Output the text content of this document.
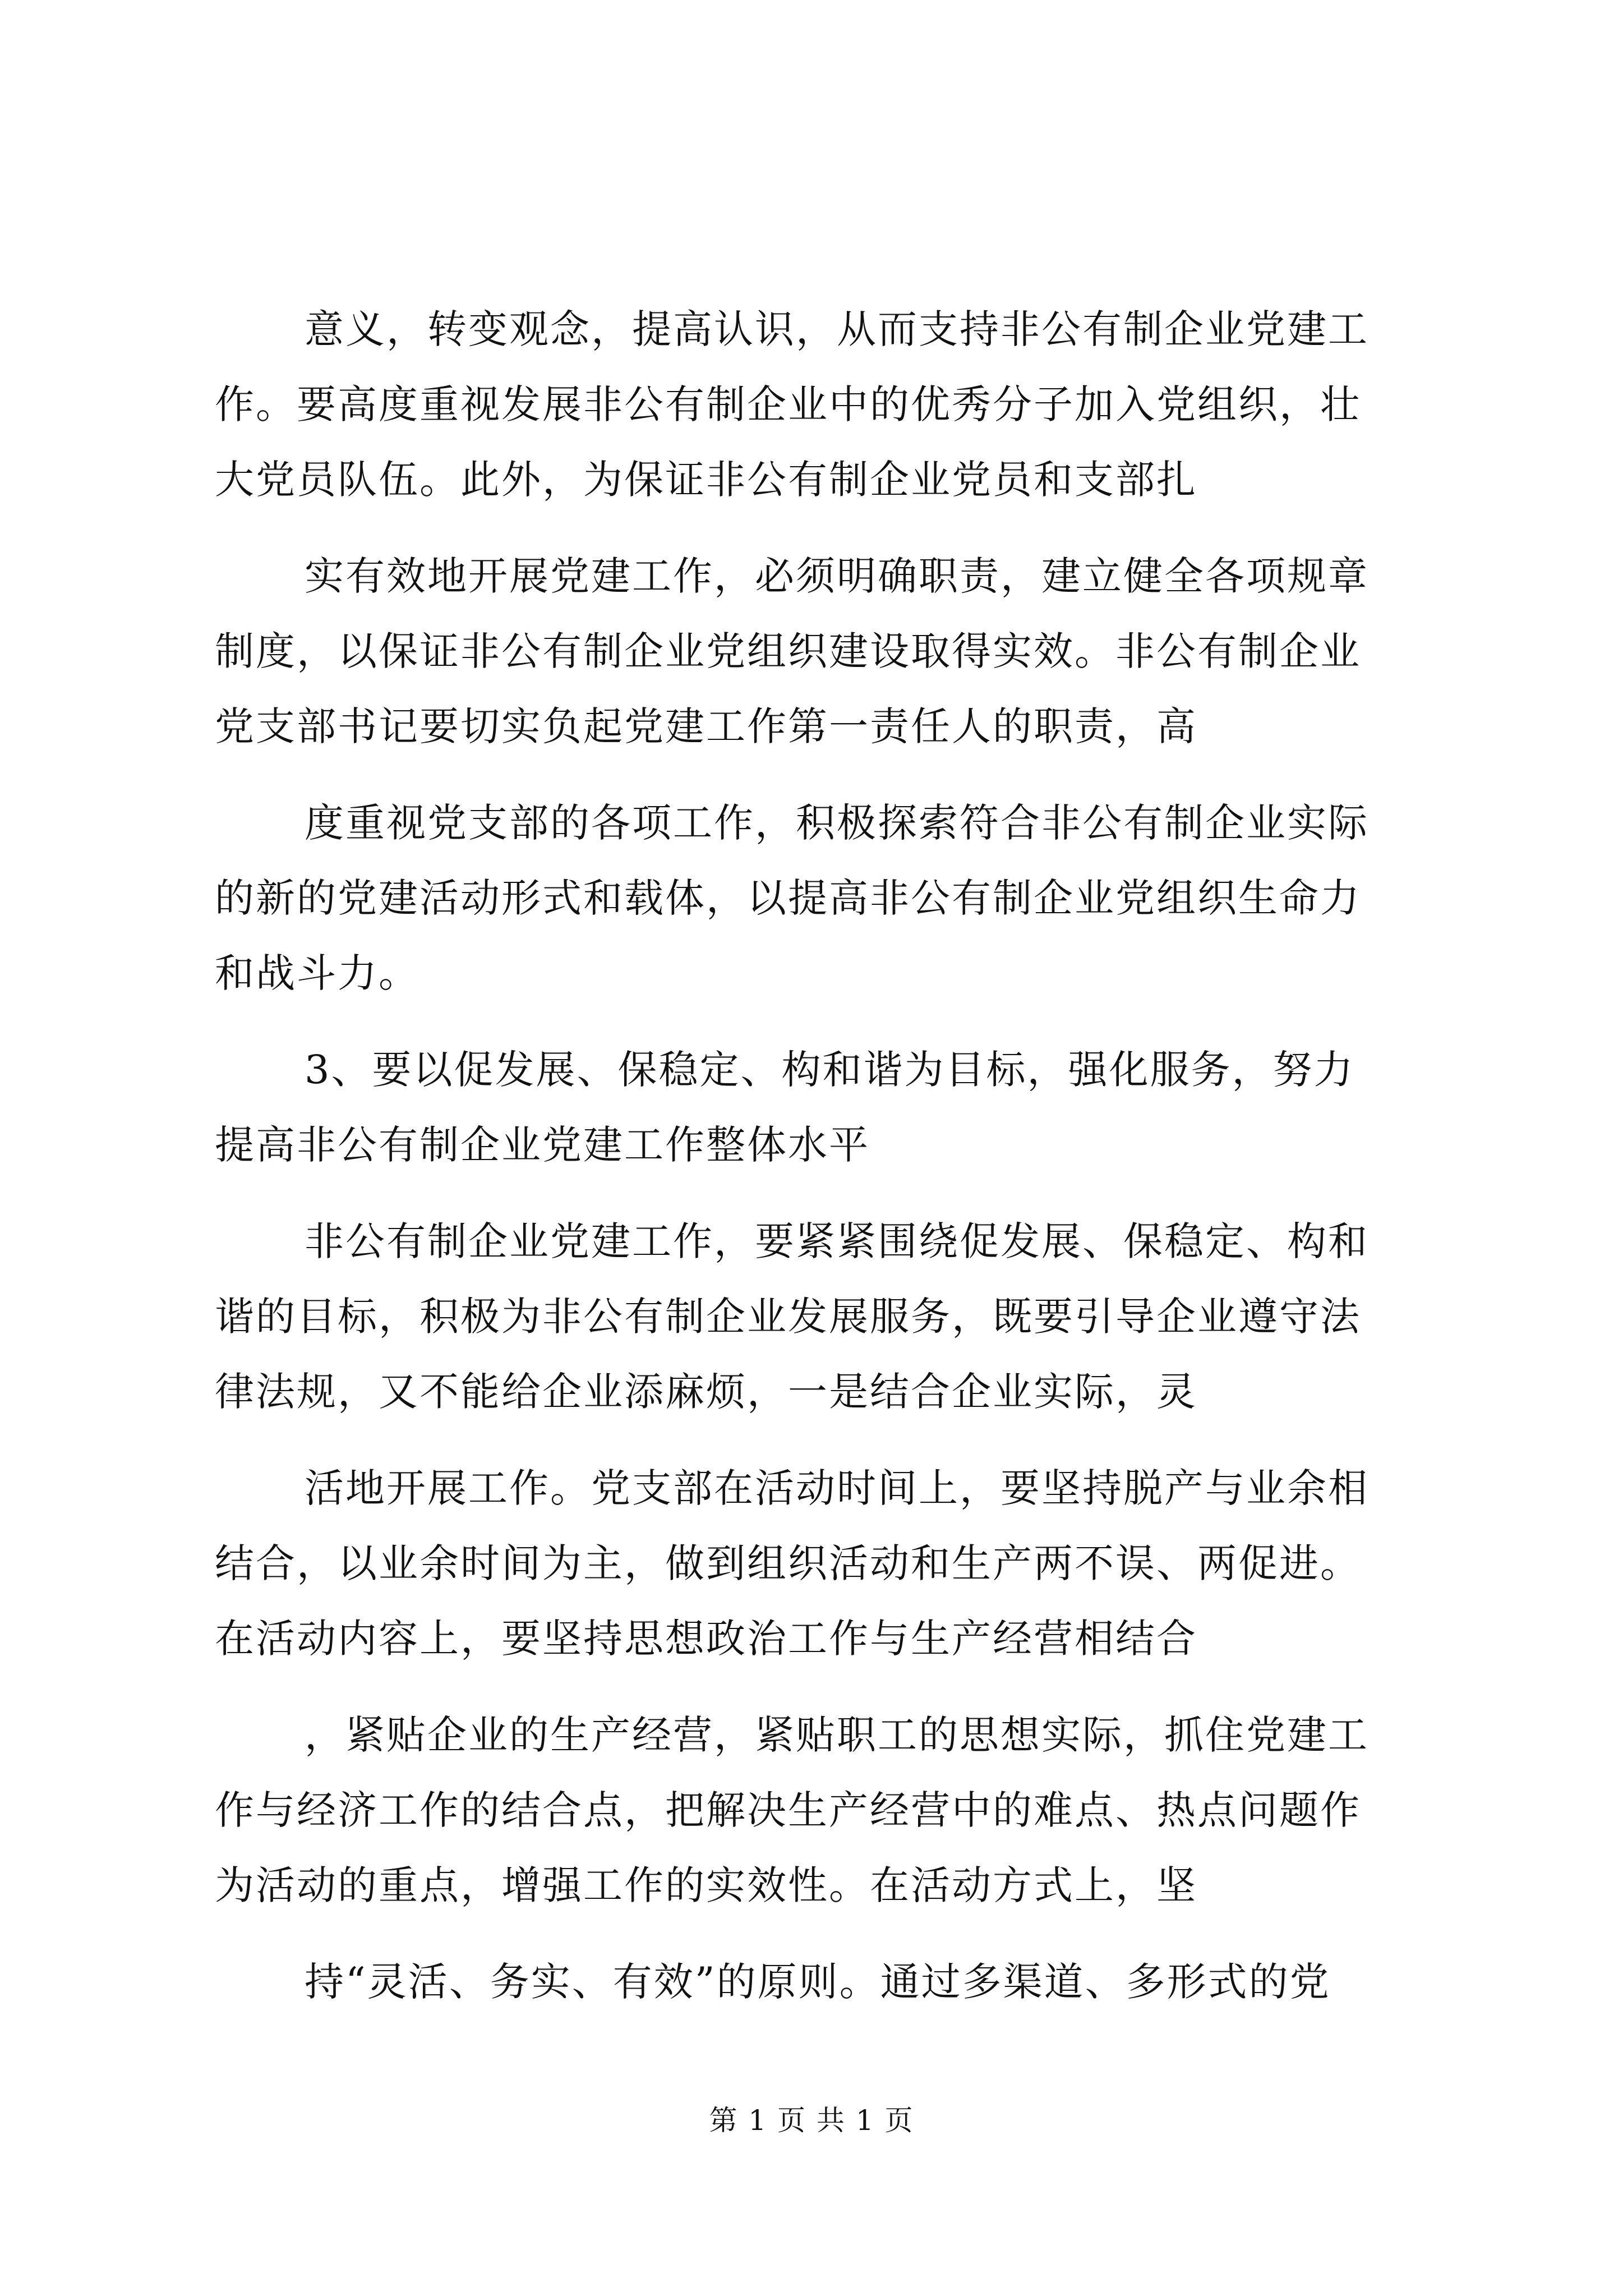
意义，转变观念，提高认识，从而支持非公有制企业党建工
作。要高度重视发展非公有制企业中的优秀分子加入党组织，壮
大党员队伍。此外，为保证非公有制企业党员和支部扎
实有效地开展党建工作，必须明确职责，建立健全各项规章
制度，以保证非公有制企业党组织建设取得实效。非公有制企业
党支部书记要切实负起党建工作第一责任人的职责，高
度重视党支部的各项工作，积极探索符合非公有制企业实际
的新的党建活动形式和载体，以提高非公有制企业党组织生命力
和战斗力。
3、要以促发展、保稳定、构和谐为目标，强化服务，努力
提高非公有制企业党建工作整体水平
非公有制企业党建工作，要紧紧围绕促发展、保稳定、构和
谐的目标，积极为非公有制企业发展服务，既要引导企业遵守法
律法规，又不能给企业添麻烦，一是结合企业实际，灵
活地开展工作。党支部在活动时间上，要坚持脱产与业余相
结合，以业余时间为主，做到组织活动和生产两不误、两促进。
在活动内容上，要坚持思想政治工作与生产经营相结合
，紧贴企业的生产经营，紧贴职工的思想实际，抓住党建工
作与经济工作的结合点，把解决生产经营中的难点、热点问题作
为活动的重点，增强工作的实效性。在活动方式上，坚
持“灵活、务实、有效”的原则。通过多渠道、多形式的党
第 1 页 共 1 页
